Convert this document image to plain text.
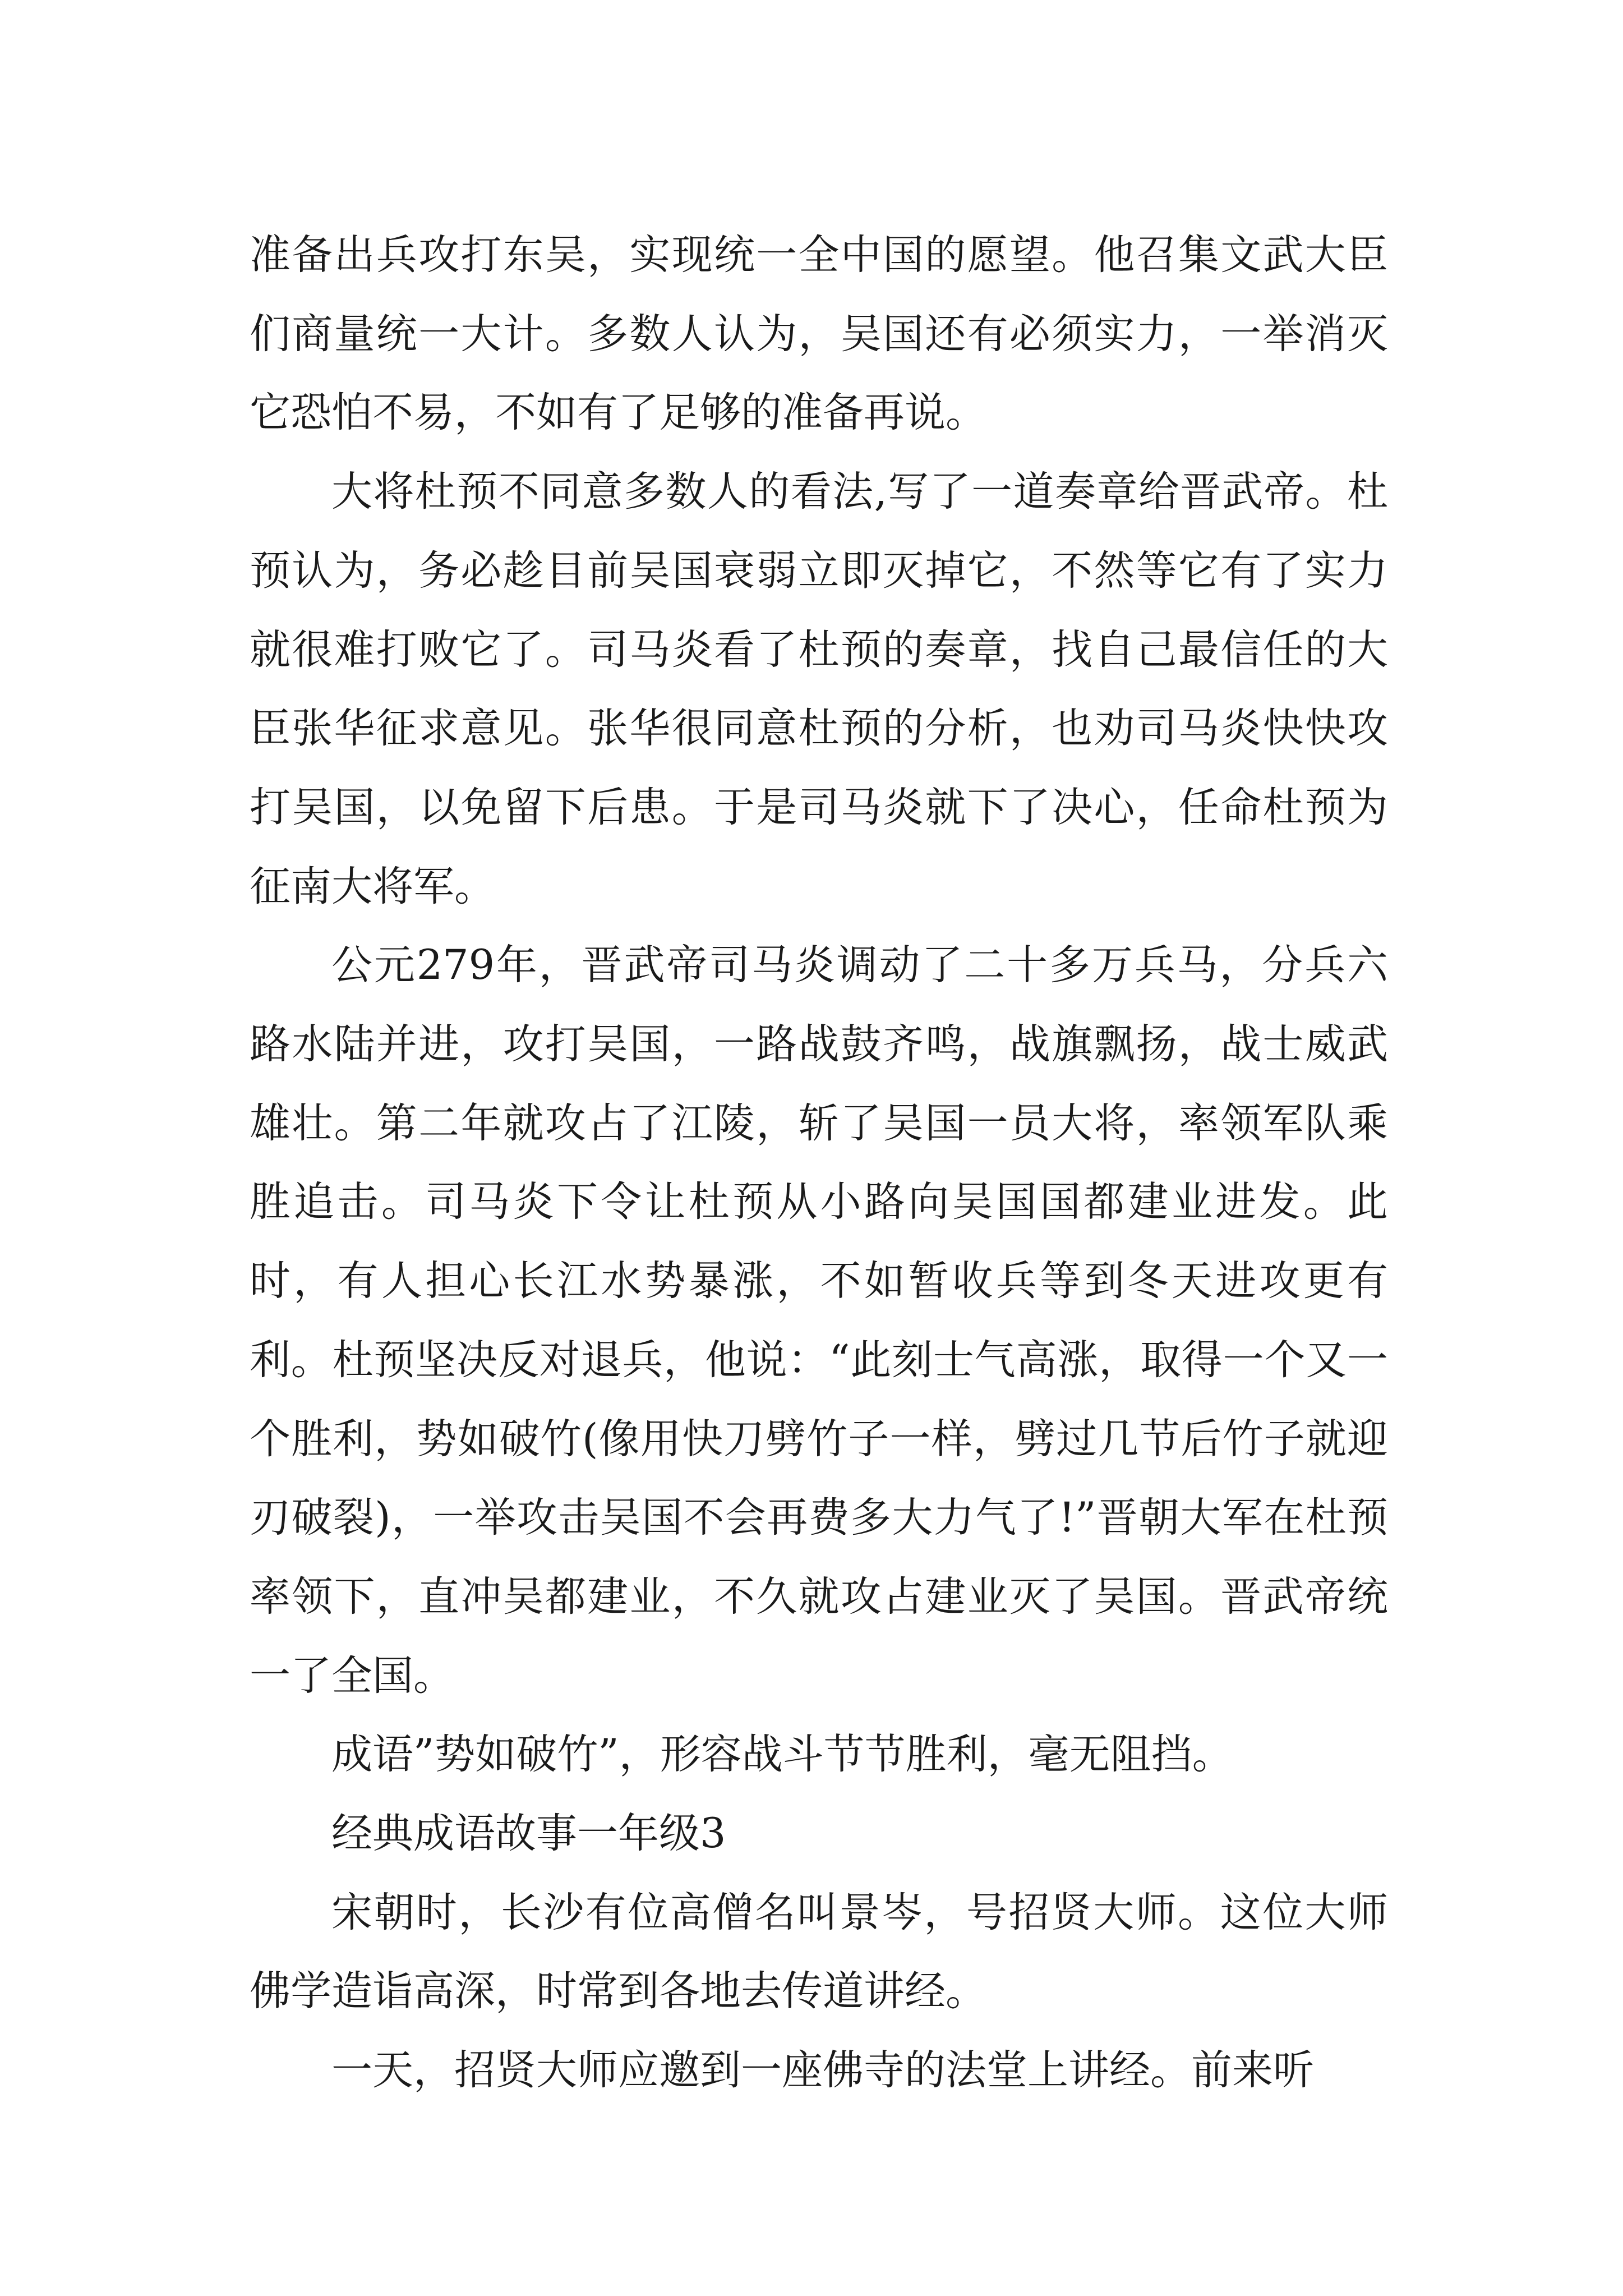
准备出兵攻打东吴，实现统一全中国的愿望。他召集文武大臣们商量统一大计。多数人认为，吴国还有必须实力，一举消灭它恐怕不易，不如有了足够的准备再说。

大将杜预不同意多数人的看法,写了一道奏章给晋武帝。杜预认为，务必趁目前吴国衰弱立即灭掉它，不然等它有了实力就很难打败它了。司马炎看了杜预的奏章，找自己最信任的大臣张华征求意见。张华很同意杜预的分析，也劝司马炎快快攻打吴国，以免留下后患。于是司马炎就下了决心，任命杜预为征南大将军。

公元279年，晋武帝司马炎调动了二十多万兵马，分兵六路水陆并进，攻打吴国，一路战鼓齐鸣，战旗飘扬，战士威武雄壮。第二年就攻占了江陵，斩了吴国一员大将，率领军队乘胜追击。司马炎下令让杜预从小路向吴国国都建业进发。此时，有人担心长江水势暴涨，不如暂收兵等到冬天进攻更有利。杜预坚决反对退兵，他说：“此刻士气高涨，取得一个又一个胜利，势如破竹(像用快刀劈竹子一样，劈过几节后竹子就迎刃破裂)，一举攻击吴国不会再费多大力气了!”晋朝大军在杜预率领下，直冲吴都建业，不久就攻占建业灭了吴国。晋武帝统一了全国。

成语”势如破竹”，形容战斗节节胜利，毫无阻挡。

经典成语故事一年级3

宋朝时，长沙有位高僧名叫景岑，号招贤大师。这位大师佛学造诣高深，时常到各地去传道讲经。

一天，招贤大师应邀到一座佛寺的法堂上讲经。前来听
